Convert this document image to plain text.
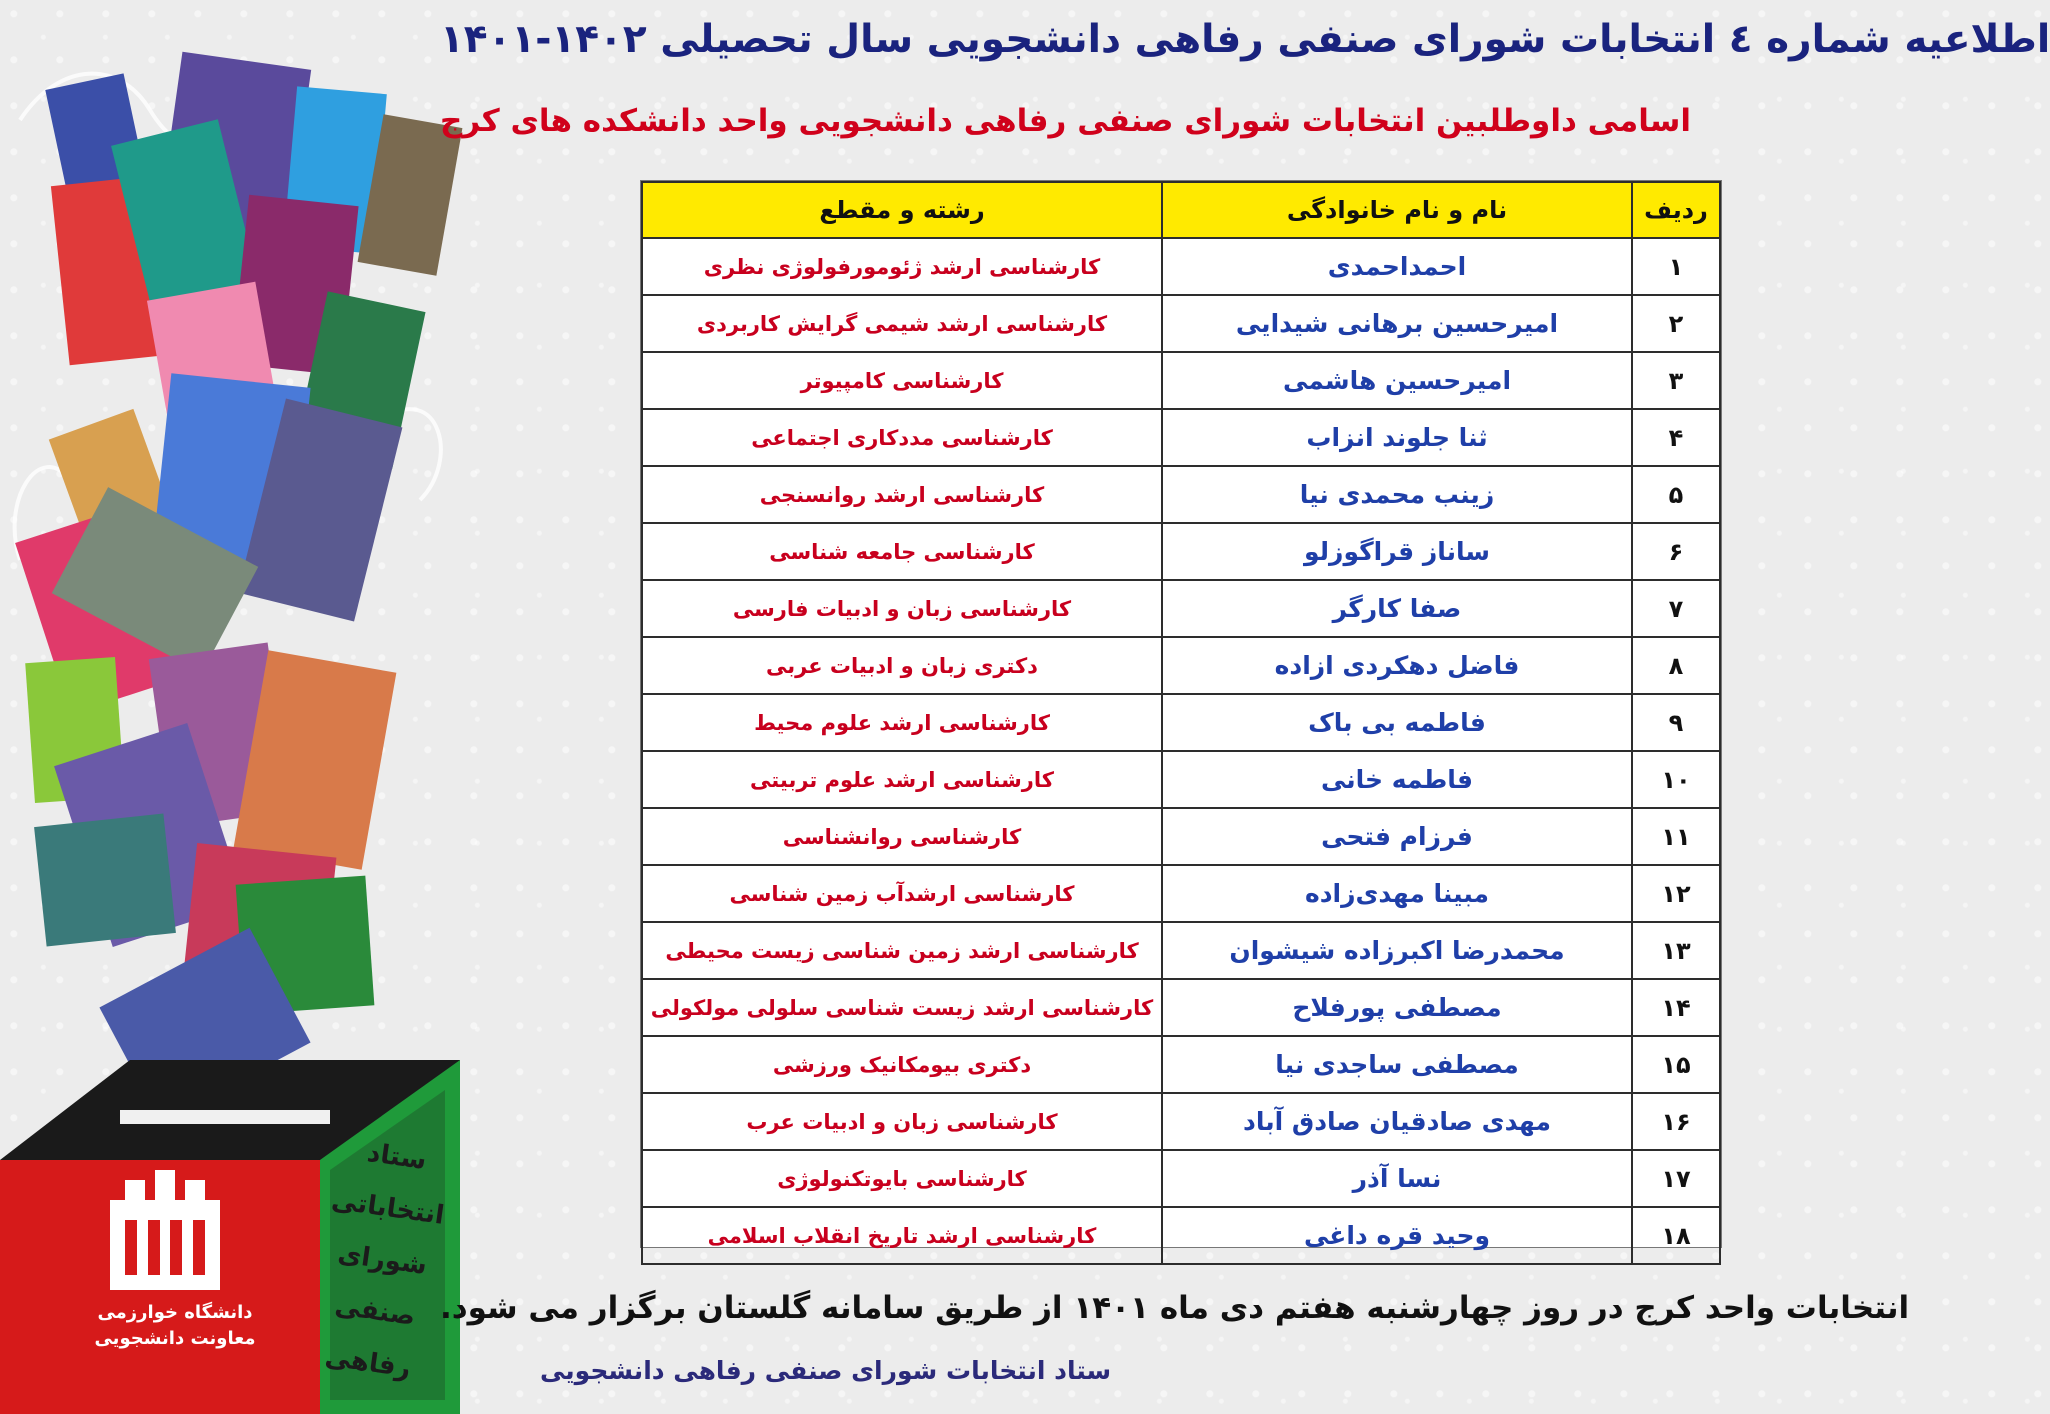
دانشگاه خوارزمی
معاونت دانشجویی
ستاد انتخاباتی
شورای صنفی
رفاهی
اطلاعیه شماره ٤ انتخابات شورای صنفی رفاهی دانشجویی سال تحصیلی ۱۴۰۲-۱۴۰۱
اسامی داوطلبین انتخابات شورای صنفی رفاهی دانشجویی واحد دانشکده های کرج
ردیف	نام و نام خانوادگی	رشته و مقطع
۱	احمداحمدی	کارشناسی ارشد ژئومورفولوژی نظری
۲	امیرحسین برهانی شیدایی	کارشناسی ارشد شیمی گرایش کاربردی
۳	امیرحسین هاشمی	کارشناسی کامپیوتر
۴	ثنا جلوند انزاب	کارشناسی مددکاری اجتماعی
۵	زینب محمدی نیا	کارشناسی ارشد روانسنجی
۶	ساناز قراگوزلو	کارشناسی جامعه شناسی
۷	صفا کارگر	کارشناسی زبان و ادبیات فارسی
۸	فاضل دهکردی ازاده	دکتری زبان و ادبیات عربی
۹	فاطمه بی باک	کارشناسی ارشد علوم محیط
۱۰	فاطمه خانی	کارشناسی ارشد علوم تربیتی
۱۱	فرزام فتحی	کارشناسی روانشناسی
۱۲	مبینا مهدی‌زاده	کارشناسی ارشدآب زمین شناسی
۱۳	محمدرضا اکبرزاده شیشوان	کارشناسی ارشد زمین شناسی زیست محیطی
۱۴	مصطفی پورفلاح	کارشناسی ارشد زیست شناسی سلولی مولکولی
۱۵	مصطفی ساجدی نیا	دکتری بیومکانیک ورزشی
۱۶	مهدی صادقیان صادق آباد	کارشناسی زبان و ادبیات عرب
۱۷	نسا آذر	کارشناسی بایوتکنولوژی
۱۸	وحید قره داغی	کارشناسی ارشد تاریخ انقلاب اسلامی
انتخابات واحد کرج در روز چهارشنبه هفتم دی ماه ۱۴۰۱ از طریق سامانه گلستان برگزار می شود.
ستاد انتخابات شورای صنفی رفاهی دانشجویی
